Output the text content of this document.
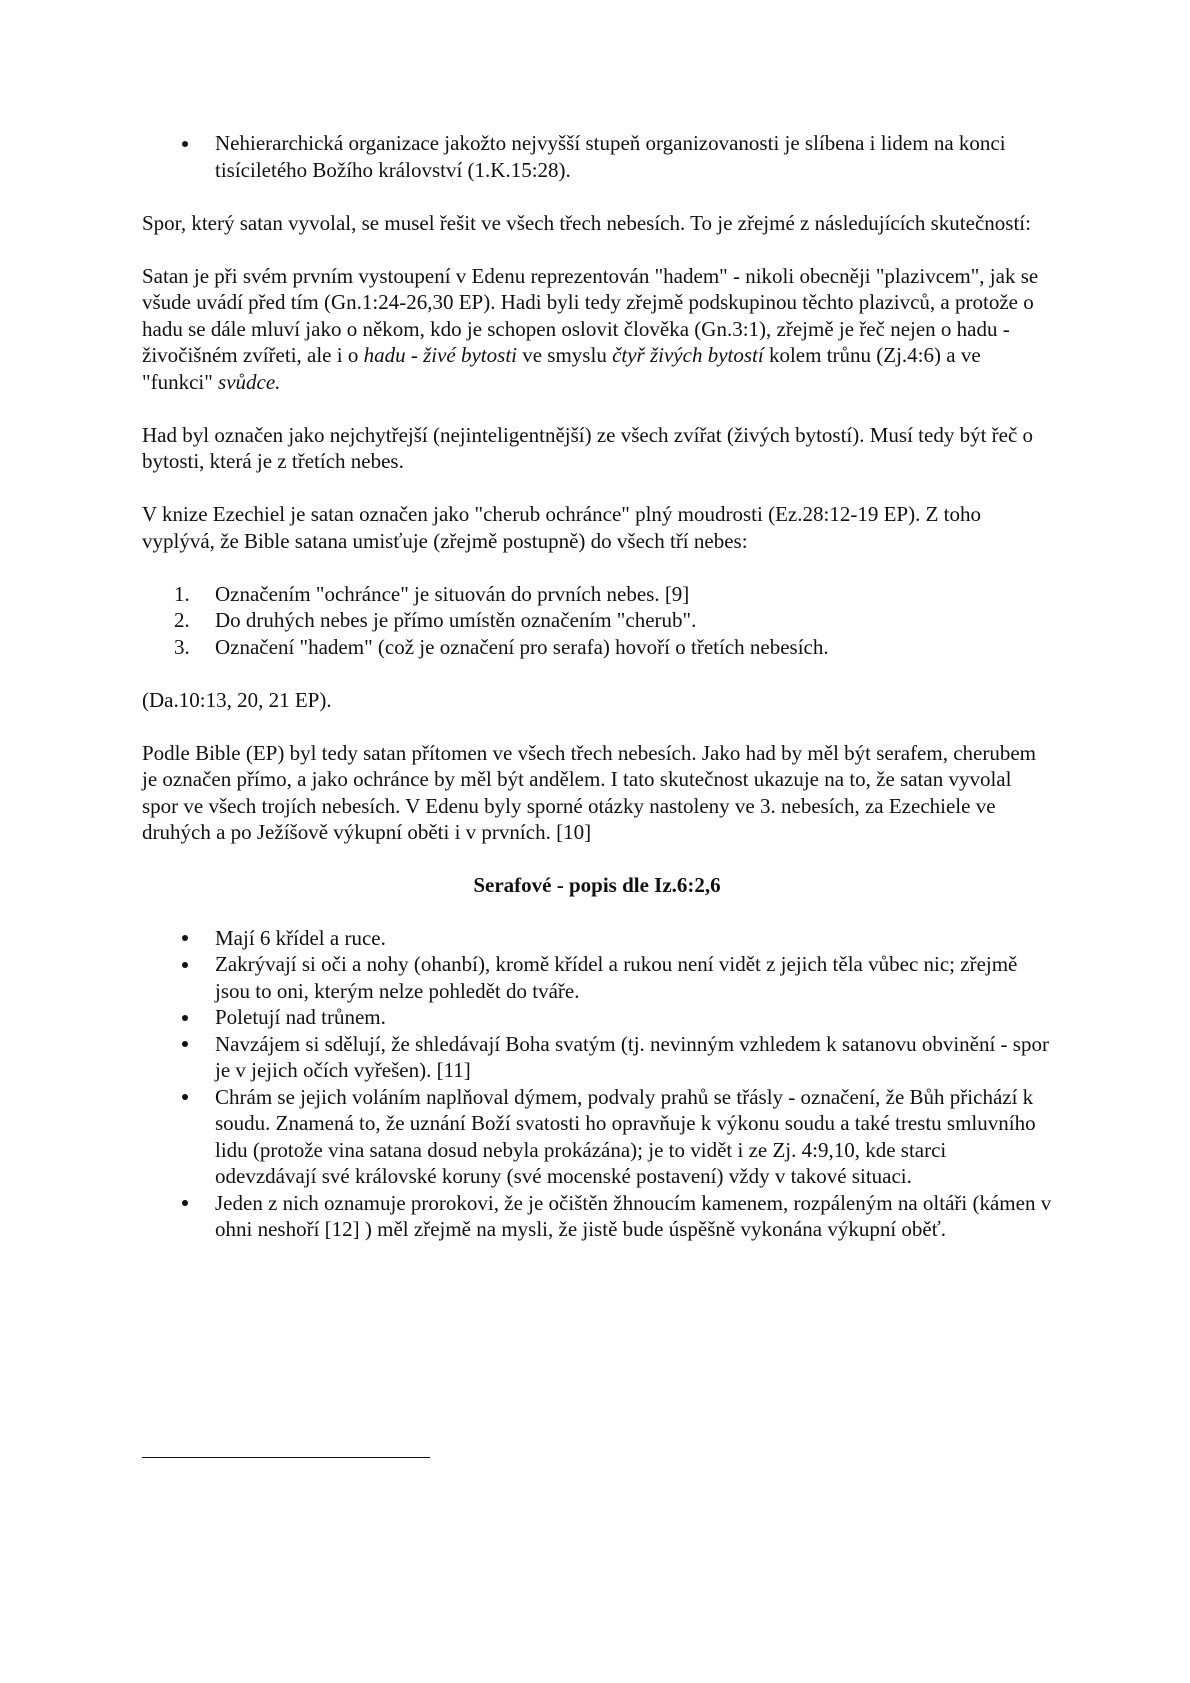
Nehierarchická organizace jakožto nejvyšší stupeň organizovanosti je slíbena i lidem na konci tisíciletého Božího království (1.K.15:28).

Spor, který satan vyvolal, se musel řešit ve všech třech nebesích. To je zřejmé z následujících skutečností:

Satan je při svém prvním vystoupení v Edenu reprezentován "hadem" - nikoli obecněji "plazivcem", jak se všude uvádí před tím (Gn.1:24-26,30 EP). Hadi byli tedy zřejmě podskupinou těchto plazivců, a protože o hadu se dále mluví jako o někom, kdo je schopen oslovit člověka (Gn.3:1), zřejmě je řeč nejen o hadu - živočišném zvířeti, ale i o hadu - živé bytosti ve smyslu čtyř živých bytostí kolem trůnu (Zj.4:6) a ve "funkci" svůdce.

Had byl označen jako nejchytřejší (nejinteligentnější) ze všech zvířat (živých bytostí). Musí tedy být řeč o bytosti, která je z třetích nebes.

V knize Ezechiel je satan označen jako "cherub ochránce" plný moudrosti (Ez.28:12-19 EP). Z toho vyplývá, že Bible satana umisťuje (zřejmě postupně) do všech tří nebes:

1.	Označením "ochránce" je situován do prvních nebes. [9]
2.	Do druhých nebes je přímo umístěn označením "cherub".
3.	Označení "hadem" (což je označení pro serafa) hovoří o třetích nebesích.

(Da.10:13, 20, 21 EP).

Podle Bible (EP) byl tedy satan přítomen ve všech třech nebesích. Jako had by měl být serafem, cherubem je označen přímo, a jako ochránce by měl být andělem. I tato skutečnost ukazuje na to, že satan vyvolal spor ve všech trojích nebesích. V Edenu byly sporné otázky nastoleny ve 3. nebesích, za Ezechiele ve druhých a po Ježíšově výkupní oběti i v prvních. [10]

Serafové - popis dle Iz.6:2,6

Mají 6 křídel a ruce.
Zakrývají si oči a nohy (ohanbí), kromě křídel a rukou není vidět z jejich těla vůbec nic; zřejmě jsou to oni, kterým nelze pohledět do tváře.
Poletují nad trůnem.
Navzájem si sdělují, že shledávají Boha svatým (tj. nevinným vzhledem k satanovu obvinění - spor je v jejich očích vyřešen). [11]
Chrám se jejich voláním naplňoval dýmem, podvaly prahů se třásly - označení, že Bůh přichází k soudu. Znamená to, že uznání Boží svatosti ho opravňuje k výkonu soudu a také trestu smluvního lidu (protože vina satana dosud nebyla prokázána); je to vidět i ze Zj. 4:9,10, kde starci odevzdávají své královské koruny (své mocenské postavení) vždy v takové situaci.
Jeden z nich oznamuje prorokovi, že je očištěn žhnoucím kamenem, rozpáleným na oltáři (kámen v ohni neshoří [12] ) měl zřejmě na mysli, že jistě bude úspěšně vykonána výkupní oběť.
